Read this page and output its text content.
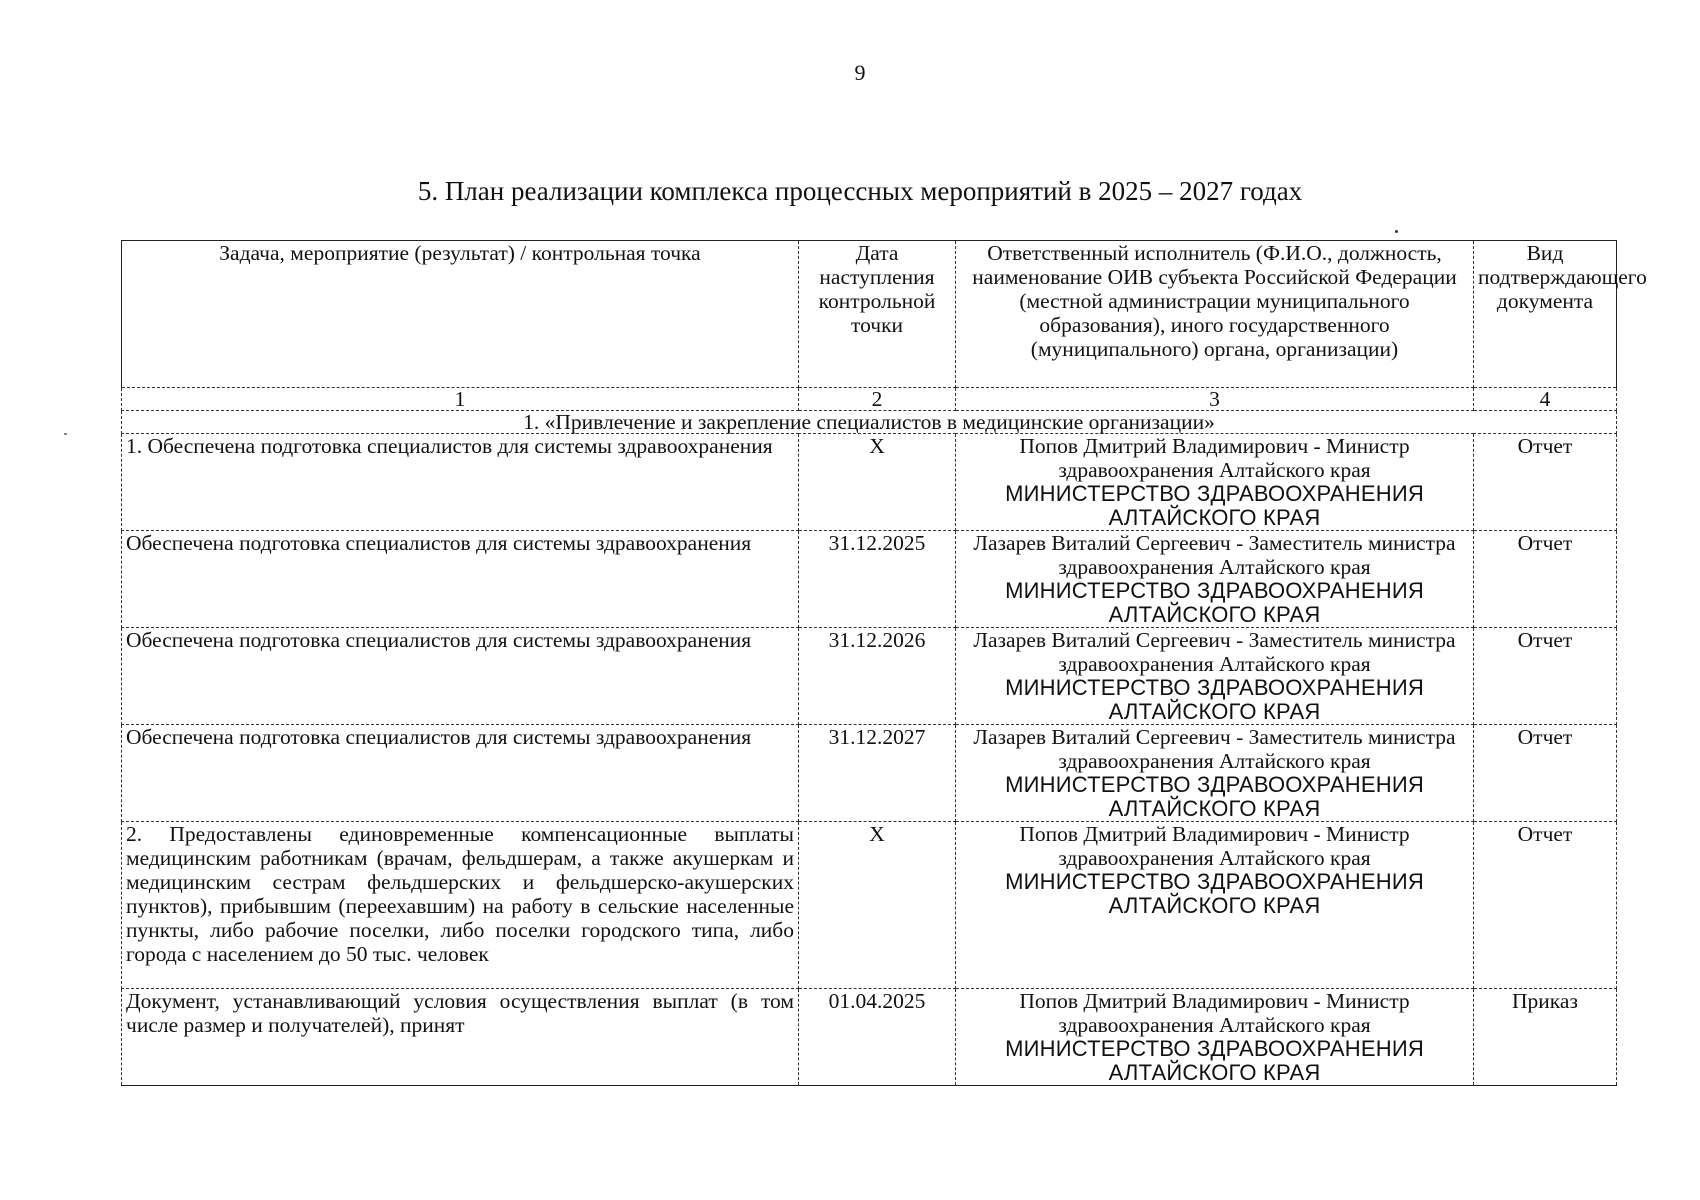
9
5. План реализации комплекса процессных мероприятий в 2025 – 2027 годах
Задача, мероприятие (результат) / контрольная точка	Дата наступления контрольной точки	Ответственный исполнитель (Ф.И.О., должность, наименование ОИВ субъекта Российской Федерации (местной администрации муниципального образования), иного государственного (муниципального) органа, организации)	Вид подтверждающего документа
1	2	3	4
1. «Привлечение и закрепление специалистов в медицинские организации»			
1. Обеспечена подготовка специалистов для системы здравоохранения	X	Попов Дмитрий Владимирович - Министр здравоохранения Алтайского края
МИНИСТЕРСТВО ЗДРАВООХРАНЕНИЯ АЛТАЙСКОГО КРАЯ	Отчет
Обеспечена подготовка специалистов для системы здравоохранения	31.12.2025	Лазарев Виталий Сергеевич - Заместитель министра здравоохранения Алтайского края
МИНИСТЕРСТВО ЗДРАВООХРАНЕНИЯ АЛТАЙСКОГО КРАЯ	Отчет
Обеспечена подготовка специалистов для системы здравоохранения	31.12.2026	Лазарев Виталий Сергеевич - Заместитель министра здравоохранения Алтайского края
МИНИСТЕРСТВО ЗДРАВООХРАНЕНИЯ АЛТАЙСКОГО КРАЯ	Отчет
Обеспечена подготовка специалистов для системы здравоохранения	31.12.2027	Лазарев Виталий Сергеевич - Заместитель министра здравоохранения Алтайского края
МИНИСТЕРСТВО ЗДРАВООХРАНЕНИЯ АЛТАЙСКОГО КРАЯ	Отчет
2. Предоставлены единовременные компенсационные выплаты медицинским работникам (врачам, фельдшерам, а также акушеркам и медицинским сестрам фельдшерских и фельдшерско-акушерских пунктов), прибывшим (переехавшим) на работу в сельские населенные пункты, либо рабочие поселки, либо поселки городского типа, либо города с населением до 50 тыс. человек	X	Попов Дмитрий Владимирович - Министр здравоохранения Алтайского края
МИНИСТЕРСТВО ЗДРАВООХРАНЕНИЯ АЛТАЙСКОГО КРАЯ	Отчет
Документ, устанавливающий условия осуществления выплат (в том числе размер и получателей), принят	01.04.2025	Попов Дмитрий Владимирович - Министр здравоохранения Алтайского края
МИНИСТЕРСТВО ЗДРАВООХРАНЕНИЯ АЛТАЙСКОГО КРАЯ	Приказ
